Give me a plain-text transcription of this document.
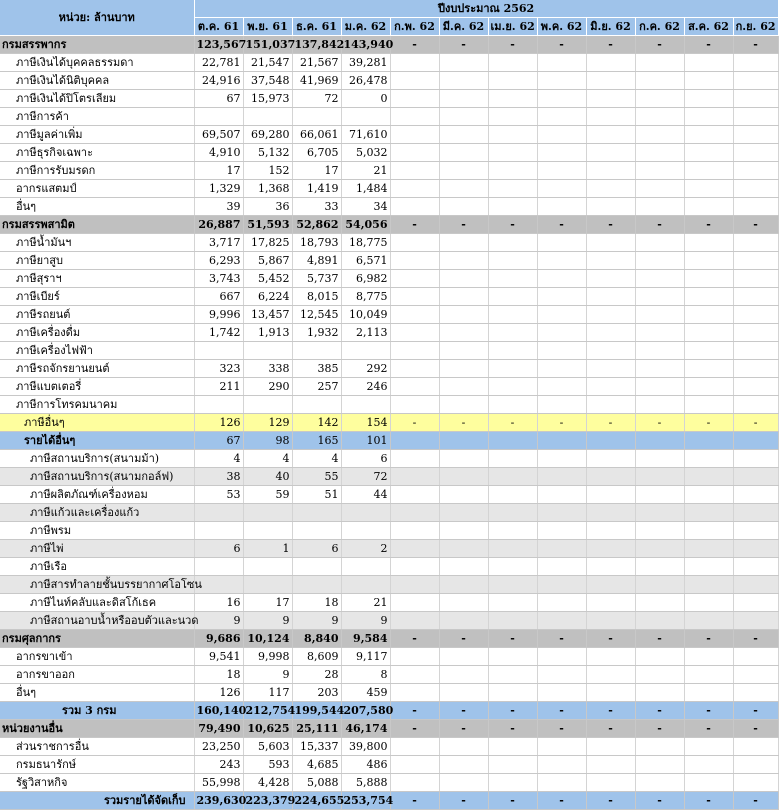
หน่วย: ล้านบาท	ปีงบประมาณ 2562											
	ต.ค. 61	พ.ย. 61	ธ.ค. 61	ม.ค. 62	ก.พ. 62	มี.ค. 62	เม.ย. 62	พ.ค. 62	มิ.ย. 62	ก.ค. 62	ส.ค. 62	ก.ย. 62
กรมสรรพากร	123,567	151,037	137,842	143,940	-	-	-	-	-	-	-	-
ภาษีเงินได้บุคคลธรรมดา	22,781	21,547	21,567	39,281								
ภาษีเงินได้นิติบุคคล	24,916	37,548	41,969	26,478								
ภาษีเงินได้ปิโตรเลียม	67	15,973	72	0								
ภาษีการค้า												
ภาษีมูลค่าเพิ่ม	69,507	69,280	66,061	71,610								
ภาษีธุรกิจเฉพาะ	4,910	5,132	6,705	5,032								
ภาษีการรับมรดก	17	152	17	21								
อากรแสตมป์	1,329	1,368	1,419	1,484								
อื่นๆ	39	36	33	34								
กรมสรรพสามิต	26,887	51,593	52,862	54,056	-	-	-	-	-	-	-	-
ภาษีน้ำมันฯ	3,717	17,825	18,793	18,775								
ภาษียาสูบ	6,293	5,867	4,891	6,571								
ภาษีสุราฯ	3,743	5,452	5,737	6,982								
ภาษีเบียร์	667	6,224	8,015	8,775								
ภาษีรถยนต์	9,996	13,457	12,545	10,049								
ภาษีเครื่องดื่ม	1,742	1,913	1,932	2,113								
ภาษีเครื่องไฟฟ้า												
ภาษีรถจักรยานยนต์	323	338	385	292								
ภาษีแบตเตอรี่	211	290	257	246								
ภาษีการโทรคมนาคม												
ภาษีอื่นๆ	126	129	142	154	-	-	-	-	-	-	-	-
รายได้อื่นๆ	67	98	165	101								
ภาษีสถานบริการ(สนามม้า)	4	4	4	6								
ภาษีสถานบริการ(สนามกอล์ฟ)	38	40	55	72								
ภาษีผลิตภัณฑ์เครื่องหอม	53	59	51	44								
ภาษีแก้วและเครื่องแก้ว												
ภาษีพรม												
ภาษีไพ่	6	1	6	2								
ภาษีเรือ												
ภาษีสารทำลายชั้นบรรยากาศโอโซน												
ภาษีไนท์คลับและดิสโก้เธค	16	17	18	21								
ภาษีสถานอาบน้ำหรืออบตัวและนวด	9	9	9	9								
กรมศุลกากร	9,686	10,124	8,840	9,584	-	-	-	-	-	-	-	-
อากรขาเข้า	9,541	9,998	8,609	9,117								
อากรขาออก	18	9	28	8								
อื่นๆ	126	117	203	459								
รวม 3 กรม	160,140	212,754	199,544	207,580	-	-	-	-	-	-	-	-
หน่วยงานอื่น	79,490	10,625	25,111	46,174	-	-	-	-	-	-	-	-
ส่วนราชการอื่น	23,250	5,603	15,337	39,800								
กรมธนารักษ์	243	593	4,685	486								
รัฐวิสาหกิจ	55,998	4,428	5,088	5,888								
รวมรายได้จัดเก็บ	239,630	223,379	224,655	253,754	-	-	-	-	-	-	-	-
